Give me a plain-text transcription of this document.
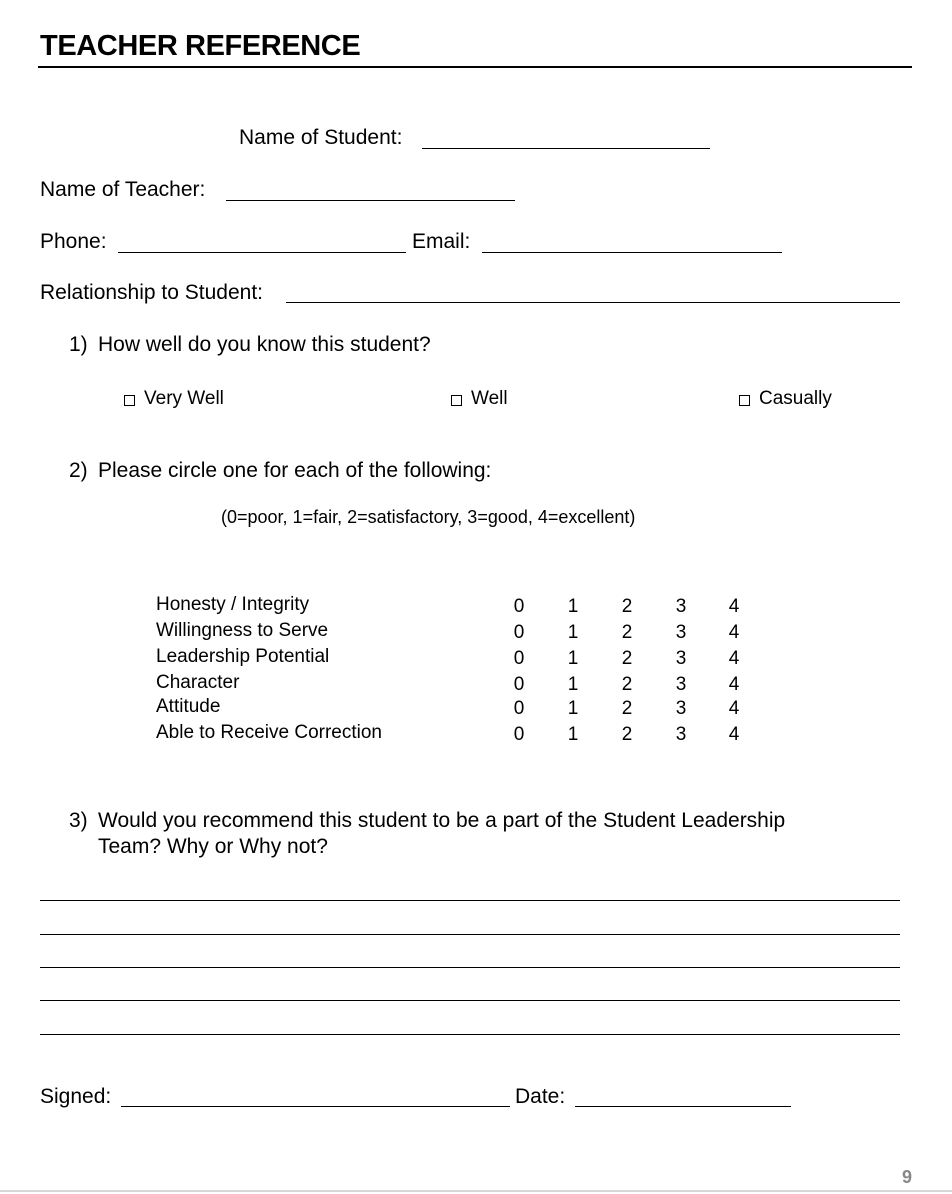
TEACHER REFERENCE
Name of Student:
Name of Teacher:
Phone:	Email:
Relationship to Student:
1) How well do you know this student?
Very Well	Well	Casually
2) Please circle one for each of the following:
(0=poor, 1=fair, 2=satisfactory, 3=good, 4=excellent)
Honesty / Integrity	0 1 2 3 4
Willingness to Serve	0 1 2 3 4
Leadership Potential	0 1 2 3 4
Character	0 1 2 3 4
Attitude	0 1 2 3 4
Able to Receive Correction	0 1 2 3 4
3) Would you recommend this student to be a part of the Student Leadership
Team? Why or Why not?
Signed:	Date:
9
